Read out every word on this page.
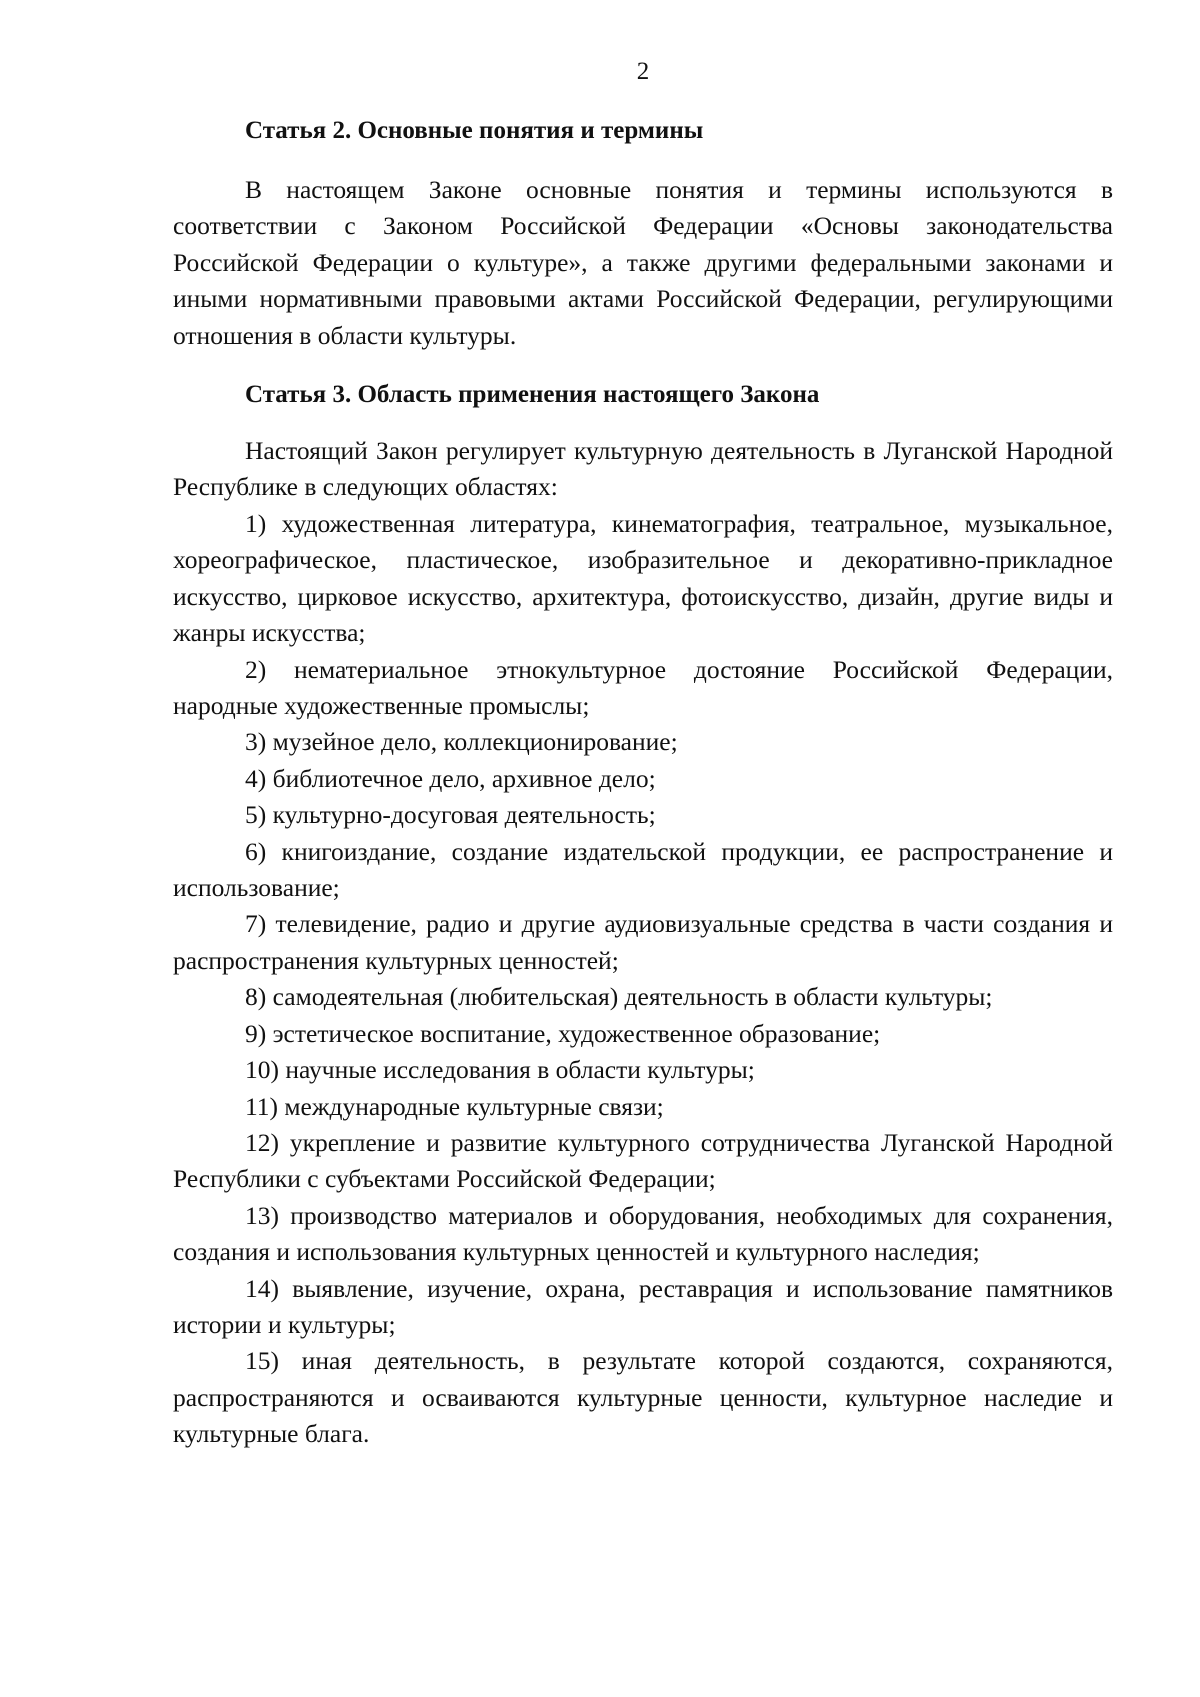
2
Статья 2. Основные понятия и термины
В настоящем Законе основные понятия и термины используются в соответствии с Законом Российской Федерации «Основы законодательства Российской Федерации о культуре», а также другими федеральными законами и иными нормативными правовыми актами Российской Федерации, регулирующими отношения в области культуры.
Статья 3. Область применения настоящего Закона
Настоящий Закон регулирует культурную деятельность в Луганской Народной Республике в следующих областях:
1) художественная литература, кинематография, театральное, музыкальное, хореографическое, пластическое, изобразительное и декоративно-прикладное искусство, цирковое искусство, архитектура, фотоискусство, дизайн, другие виды и жанры искусства;
2) нематериальное этнокультурное достояние Российской Федерации, народные художественные промыслы;
3) музейное дело, коллекционирование;
4) библиотечное дело, архивное дело;
5) культурно-досуговая деятельность;
6) книгоиздание, создание издательской продукции, ее распространение и использование;
7) телевидение, радио и другие аудиовизуальные средства в части создания и распространения культурных ценностей;
8) самодеятельная (любительская) деятельность в области культуры;
9) эстетическое воспитание, художественное образование;
10) научные исследования в области культуры;
11) международные культурные связи;
12) укрепление и развитие культурного сотрудничества Луганской Народной Республики с субъектами Российской Федерации;
13) производство материалов и оборудования, необходимых для сохранения, создания и использования культурных ценностей и культурного наследия;
14) выявление, изучение, охрана, реставрация и использование памятников истории и культуры;
15) иная деятельность, в результате которой создаются, сохраняются, распространяются и осваиваются культурные ценности, культурное наследие и культурные блага.
